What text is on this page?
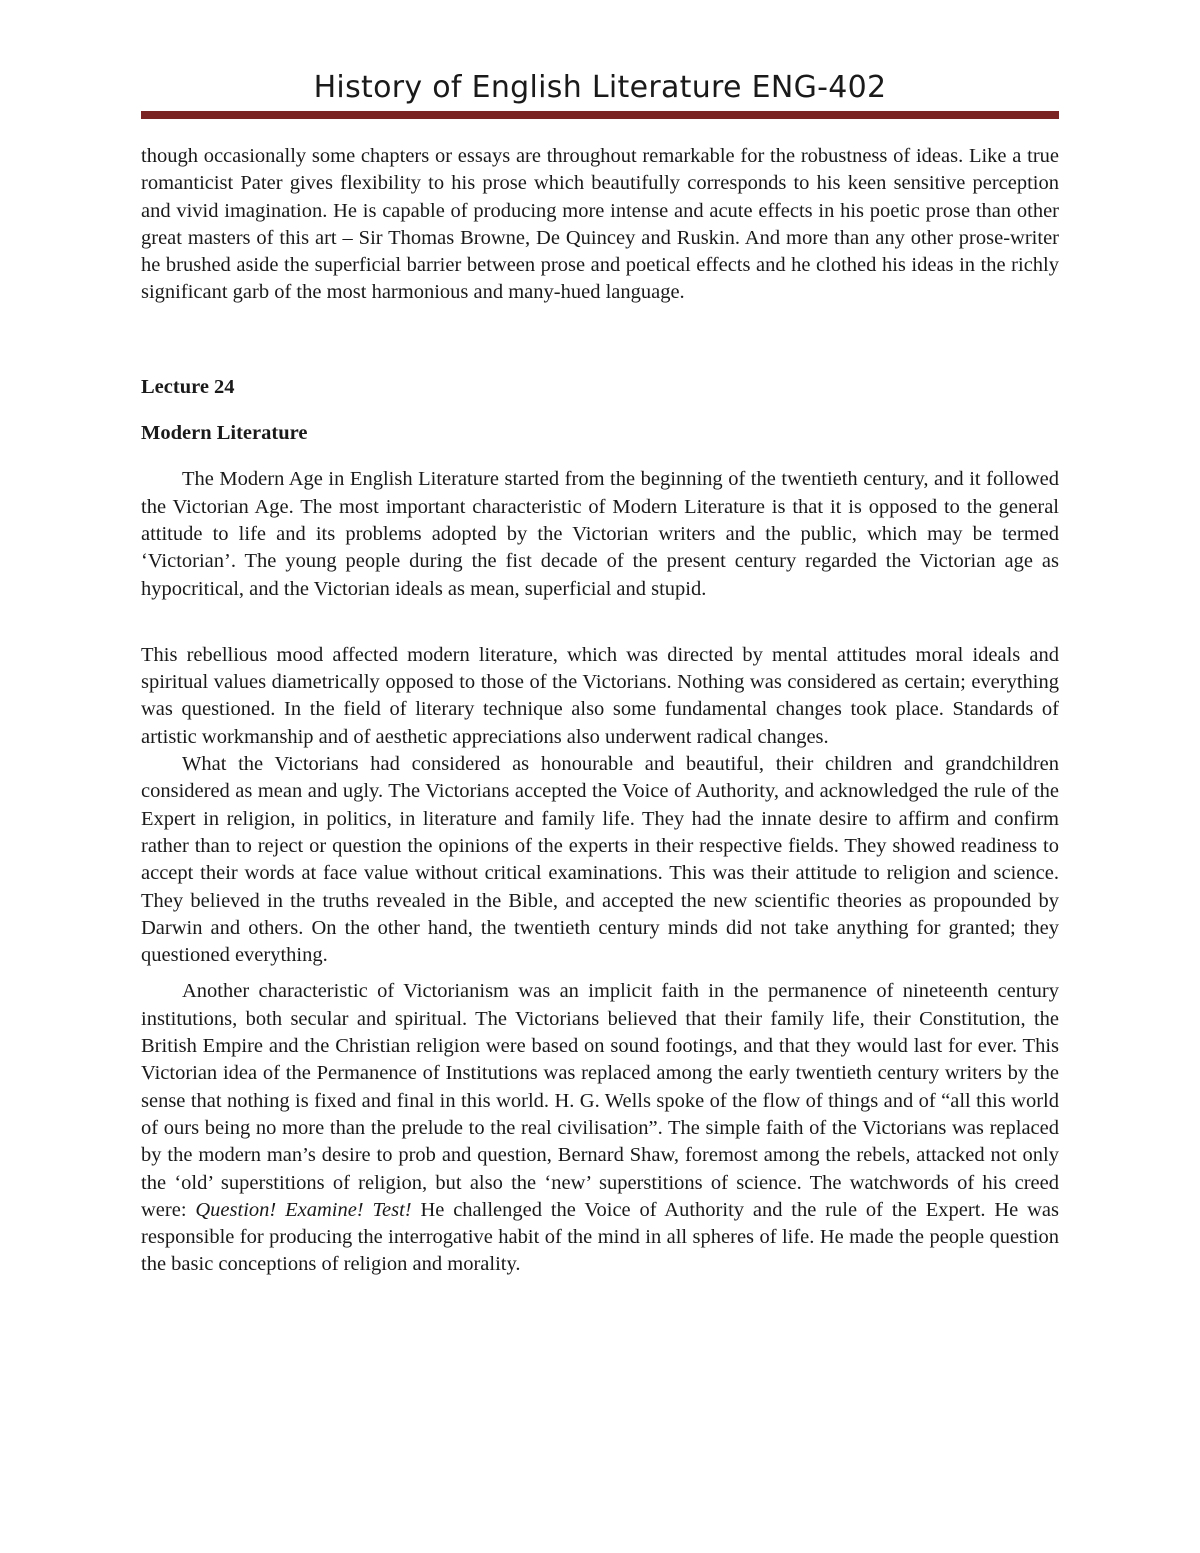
History of English Literature ENG-402

though occasionally some chapters or essays are throughout remarkable for the robustness of ideas. Like a true romanticist Pater gives flexibility to his prose which beautifully corresponds to his keen sensitive perception and vivid imagination. He is capable of producing more intense and acute effects in his poetic prose than other great masters of this art – Sir Thomas Browne, De Quincey and Ruskin. And more than any other prose-writer he brushed aside the superficial barrier between prose and poetical effects and he clothed his ideas in the richly significant garb of the most harmonious and many-hued language.

Lecture 24

Modern Literature

The Modern Age in English Literature started from the beginning of the twentieth century, and it followed the Victorian Age. The most important characteristic of Modern Literature is that it is opposed to the general attitude to life and its problems adopted by the Victorian writers and the public, which may be termed ‘Victorian’. The young people during the fist decade of the present century regarded the Victorian age as hypocritical, and the Victorian ideals as mean, superficial and stupid.

This rebellious mood affected modern literature, which was directed by mental attitudes moral ideals and spiritual values diametrically opposed to those of the Victorians. Nothing was considered as certain; everything was questioned. In the field of literary technique also some fundamental changes took place. Standards of artistic workmanship and of aesthetic appreciations also underwent radical changes.

What the Victorians had considered as honourable and beautiful, their children and grandchildren considered as mean and ugly. The Victorians accepted the Voice of Authority, and acknowledged the rule of the Expert in religion, in politics, in literature and family life. They had the innate desire to affirm and confirm rather than to reject or question the opinions of the experts in their respective fields. They showed readiness to accept their words at face value without critical examinations. This was their attitude to religion and science. They believed in the truths revealed in the Bible, and accepted the new scientific theories as propounded by Darwin and others. On the other hand, the twentieth century minds did not take anything for granted; they questioned everything.

Another characteristic of Victorianism was an implicit faith in the permanence of nineteenth century institutions, both secular and spiritual. The Victorians believed that their family life, their Constitution, the British Empire and the Christian religion were based on sound footings, and that they would last for ever. This Victorian idea of the Permanence of Institutions was replaced among the early twentieth century writers by the sense that nothing is fixed and final in this world. H. G. Wells spoke of the flow of things and of “all this world of ours being no more than the prelude to the real civilisation”. The simple faith of the Victorians was replaced by the modern man’s desire to prob and question, Bernard Shaw, foremost among the rebels, attacked not only the ‘old’ superstitions of religion, but also the ‘new’ superstitions of science. The watchwords of his creed were: Question! Examine! Test! He challenged the Voice of Authority and the rule of the Expert. He was responsible for producing the interrogative habit of the mind in all spheres of life. He made the people question the basic conceptions of religion and morality.
